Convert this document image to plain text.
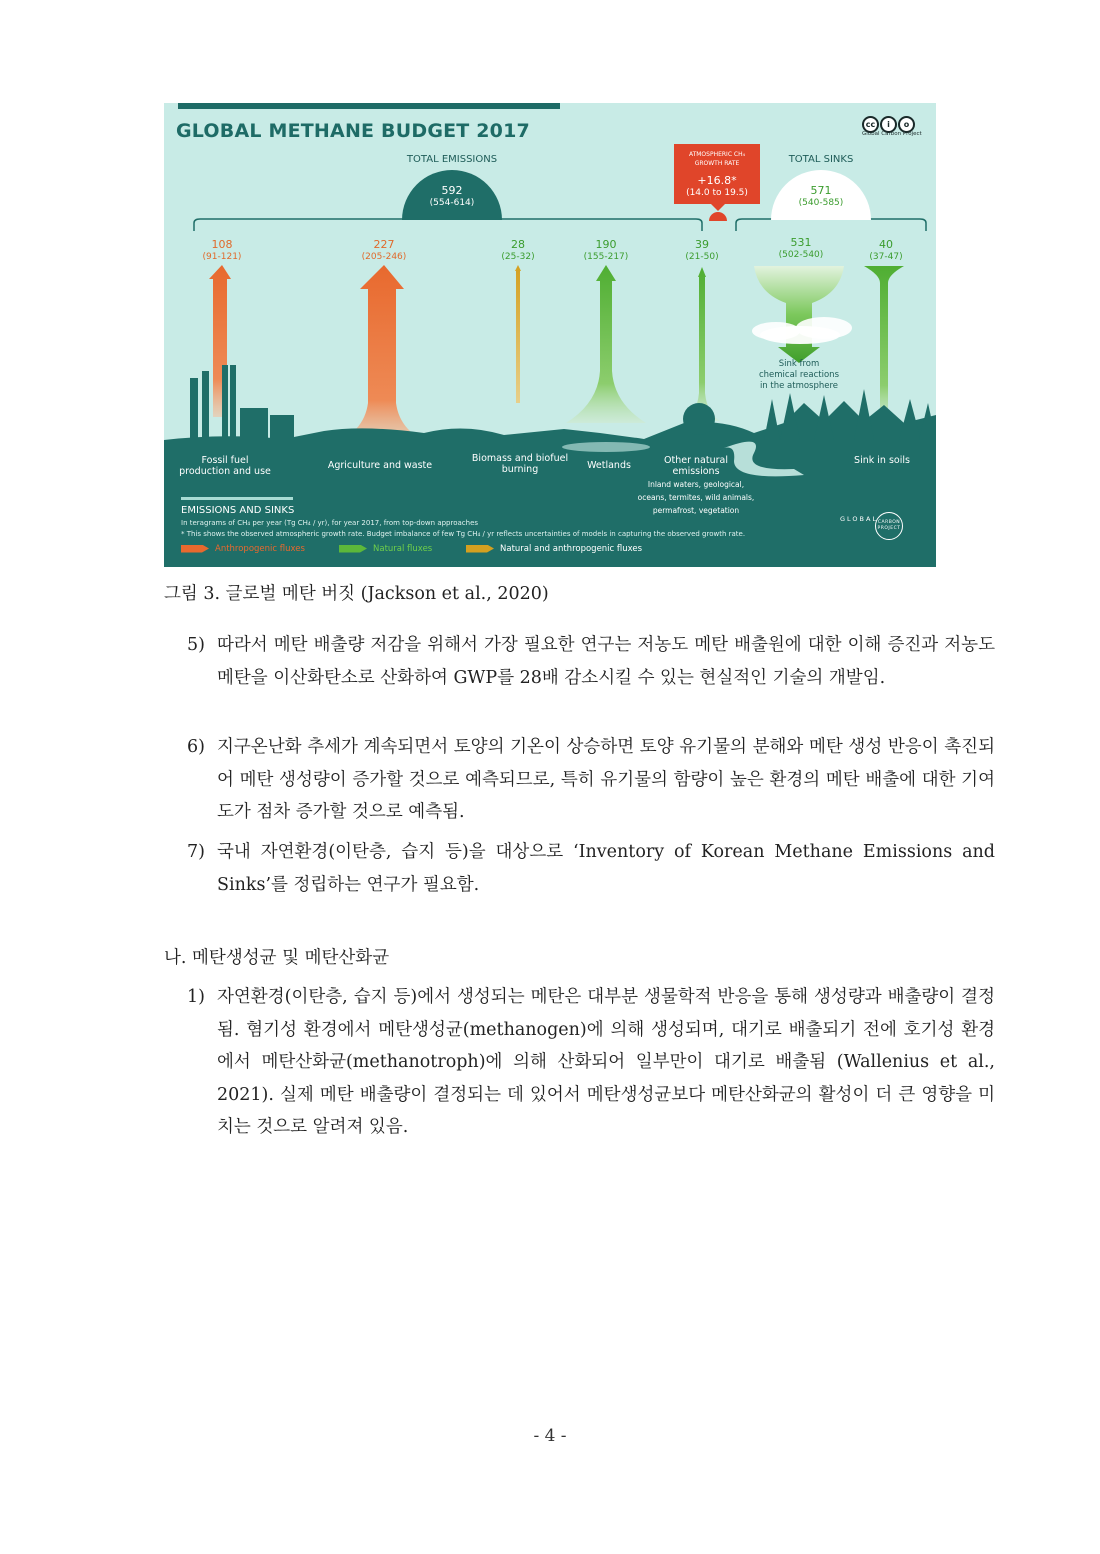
GLOBAL METHANE BUDGET 2017	cc i o
Global Carbon Project
TOTAL EMISSIONS
592
(554-614)
ATMOSPHERIC CH₄
GROWTH RATE
+16.8*
(14.0 to 19.5)
TOTAL SINKS
571
(540-585)
108
(91-121)
227
(205-246)
28
(25-32)
190
(155-217)
39
(21-50)
531
(502-540)
40
(37-47)
Sink from
chemical reactions
in the atmosphere
Fossil fuel
production and use
Agriculture and waste
Biomass and biofuel
burning	Wetlands	Other natural
emissions
Inland waters, geological,
oceans, termites, wild animals,
permafrost, vegetation
Sink in soils
EMISSIONS AND SINKS
In teragrams of CH₄ per year (Tg CH₄ / yr), for year 2017, from top-down approaches
* This shows the observed atmospheric growth rate. Budget imbalance of few Tg CH₄ / yr reflects uncertainties of models in capturing the observed growth rate.
Anthropogenic fluxes	Natural fluxes	Natural and anthropogenic fluxes
GLOBAL CARBON PROJECT
그림 3. 글로벌 메탄 버짓 (Jackson et al., 2020)
5) 따라서 메탄 배출량 저감을 위해서 가장 필요한 연구는 저농도 메탄 배출원에 대한 이해 증진과 저농도 메탄을 이산화탄소로 산화하여 GWP를 28배 감소시킬 수 있는 현실적인 기술의 개발임.
6) 지구온난화 추세가 계속되면서 토양의 기온이 상승하면 토양 유기물의 분해와 메탄 생성 반응이 촉진되어 메탄 생성량이 증가할 것으로 예측되므로, 특히 유기물의 함량이 높은 환경의 메탄 배출에 대한 기여도가 점차 증가할 것으로 예측됨.
7) 국내 자연환경(이탄층, 습지 등)을 대상으로 ‘Inventory of Korean Methane Emissions and Sinks’를 정립하는 연구가 필요함.
나. 메탄생성균 및 메탄산화균
1) 자연환경(이탄층, 습지 등)에서 생성되는 메탄은 대부분 생물학적 반응을 통해 생성량과 배출량이 결정됨. 혐기성 환경에서 메탄생성균(methanogen)에 의해 생성되며, 대기로 배출되기 전에 호기성 환경에서 메탄산화균(methanotroph)에 의해 산화되어 일부만이 대기로 배출됨 (Wallenius et al., 2021). 실제 메탄 배출량이 결정되는 데 있어서 메탄생성균보다 메탄산화균의 활성이 더 큰 영향을 미치는 것으로 알려져 있음.
- 4 -
